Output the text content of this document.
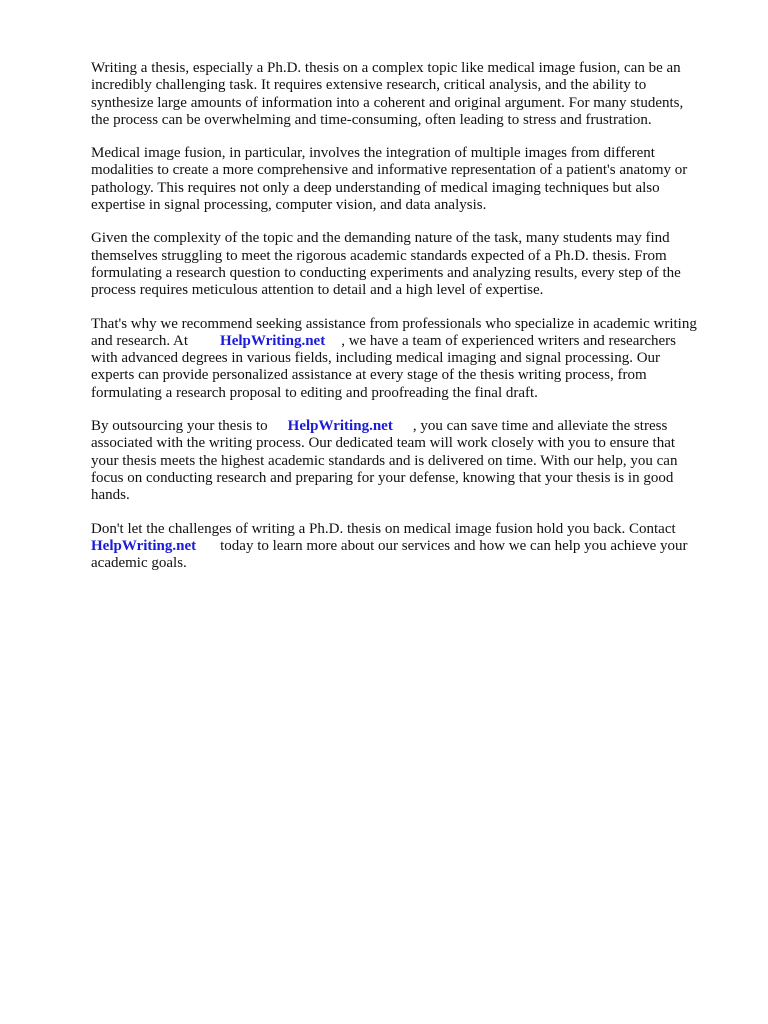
Writing a thesis, especially a Ph.D. thesis on a complex topic like medical image fusion, can be an
incredibly challenging task. It requires extensive research, critical analysis, and the ability to
synthesize large amounts of information into a coherent and original argument. For many students,
the process can be overwhelming and time-consuming, often leading to stress and frustration.

Medical image fusion, in particular, involves the integration of multiple images from different
modalities to create a more comprehensive and informative representation of a patient's anatomy or
pathology. This requires not only a deep understanding of medical imaging techniques but also
expertise in signal processing, computer vision, and data analysis.

Given the complexity of the topic and the demanding nature of the task, many students may find
themselves struggling to meet the rigorous academic standards expected of a Ph.D. thesis. From
formulating a research question to conducting experiments and analyzing results, every step of the
process requires meticulous attention to detail and a high level of expertise.

That's why we recommend seeking assistance from professionals who specialize in academic writing
and research. At HelpWriting.net , we have a team of experienced writers and researchers
with advanced degrees in various fields, including medical imaging and signal processing. Our
experts can provide personalized assistance at every stage of the thesis writing process, from
formulating a research proposal to editing and proofreading the final draft.

By outsourcing your thesis to HelpWriting.net , you can save time and alleviate the stress
associated with the writing process. Our dedicated team will work closely with you to ensure that
your thesis meets the highest academic standards and is delivered on time. With our help, you can
focus on conducting research and preparing for your defense, knowing that your thesis is in good
hands.

Don't let the challenges of writing a Ph.D. thesis on medical image fusion hold you back. Contact
HelpWriting.net today to learn more about our services and how we can help you achieve your
academic goals.
